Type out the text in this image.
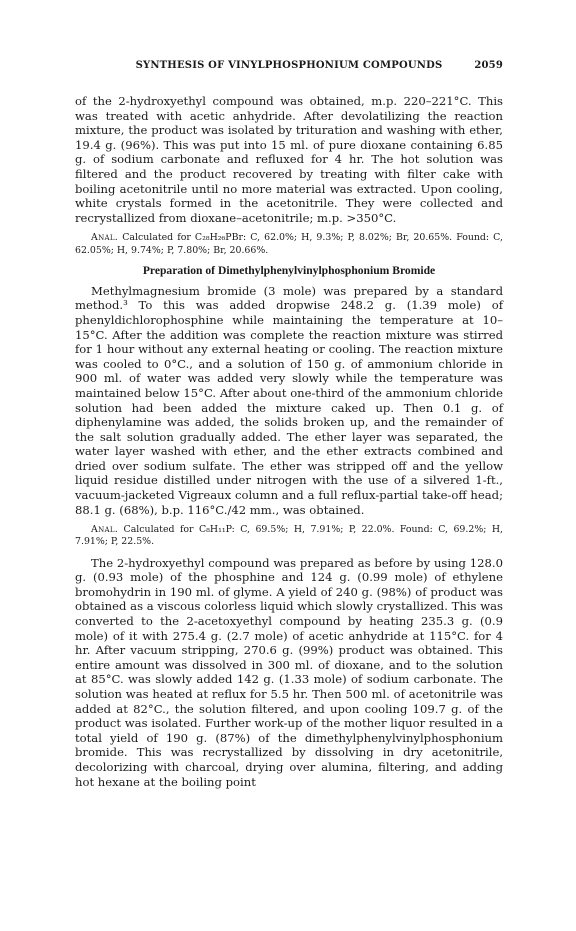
SYNTHESIS OF VINYLPHOSPHONIUM COMPOUNDS	2059

of the 2-hydroxyethyl compound was obtained, m.p. 220–221°C. This was treated with acetic anhydride. After devolatilizing the reaction mixture, the product was isolated by trituration and washing with ether, 19.4 g. (96%). This was put into 15 ml. of pure dioxane containing 6.85 g. of sodium carbonate and refluxed for 4 hr. The hot solution was filtered and the product recovered by treating with filter cake with boiling acetonitrile until no more material was extracted. Upon cooling, white crystals formed in the acetonitrile. They were collected and recrystallized from dioxane–acetonitrile; m.p. >350°C.

Anal. Calculated for C₂₈H₂₆PBr: C, 62.0%; H, 9.3%; P, 8.02%; Br, 20.65%. Found: C, 62.05%; H, 9.74%; P, 7.80%; Br, 20.66%.

Preparation of Dimethylphenylvinylphosphonium Bromide

Methylmagnesium bromide (3 mole) was prepared by a standard method.³ To this was added dropwise 248.2 g. (1.39 mole) of phenyldichlorophosphine while maintaining the temperature at 10–15°C. After the addition was complete the reaction mixture was stirred for 1 hour without any external heating or cooling. The reaction mixture was cooled to 0°C., and a solution of 150 g. of ammonium chloride in 900 ml. of water was added very slowly while the temperature was maintained below 15°C. After about one-third of the ammonium chloride solution had been added the mixture caked up. Then 0.1 g. of diphenylamine was added, the solids broken up, and the remainder of the salt solution gradually added. The ether layer was separated, the water layer washed with ether, and the ether extracts combined and dried over sodium sulfate. The ether was stripped off and the yellow liquid residue distilled under nitrogen with the use of a silvered 1-ft., vacuum-jacketed Vigreaux column and a full reflux-partial take-off head; 88.1 g. (68%), b.p. 116°C./42 mm., was obtained.

Anal. Calculated for C₈H₁₁P: C, 69.5%; H, 7.91%; P, 22.0%. Found: C, 69.2%; H, 7.91%; P, 22.5%.

The 2-hydroxyethyl compound was prepared as before by using 128.0 g. (0.93 mole) of the phosphine and 124 g. (0.99 mole) of ethylene bromohydrin in 190 ml. of glyme. A yield of 240 g. (98%) of product was obtained as a viscous colorless liquid which slowly crystallized. This was converted to the 2-acetoxyethyl compound by heating 235.3 g. (0.9 mole) of it with 275.4 g. (2.7 mole) of acetic anhydride at 115°C. for 4 hr. After vacuum stripping, 270.6 g. (99%) product was obtained. This entire amount was dissolved in 300 ml. of dioxane, and to the solution at 85°C. was slowly added 142 g. (1.33 mole) of sodium carbonate. The solution was heated at reflux for 5.5 hr. Then 500 ml. of acetonitrile was added at 82°C., the solution filtered, and upon cooling 109.7 g. of the product was isolated. Further work-up of the mother liquor resulted in a total yield of 190 g. (87%) of the dimethylphenylvinylphosphonium bromide. This was recrystallized by dissolving in dry acetonitrile, decolorizing with charcoal, drying over alumina, filtering, and adding hot hexane at the boiling point
